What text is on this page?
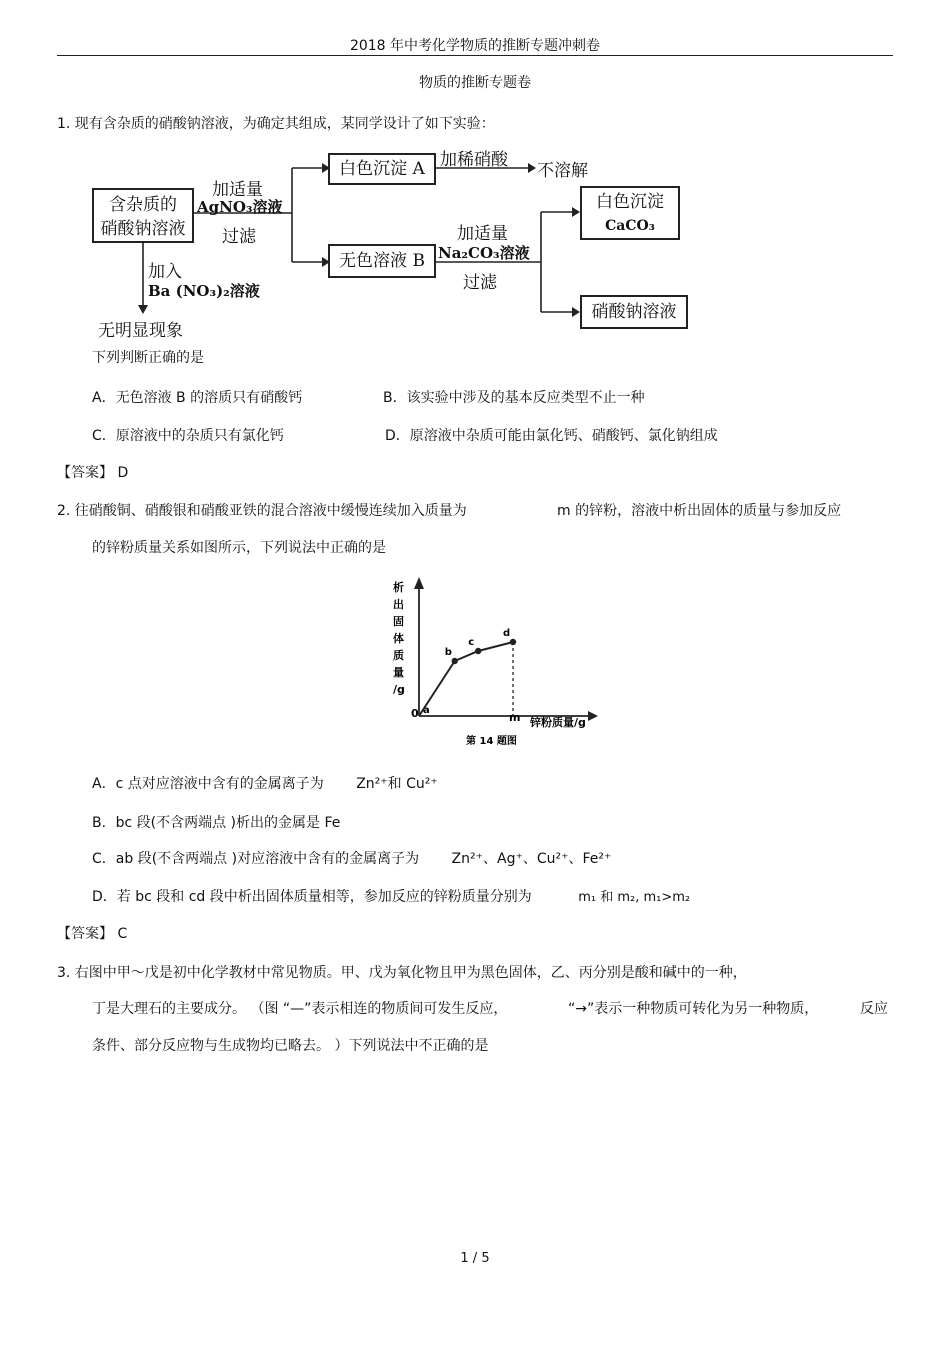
2018 年中考化学物质的推断专题冲刺卷
物质的推断专题卷
1. 现有含杂质的硝酸钠溶液，为确定其组成，某同学设计了如下实验：
含杂质的
硝酸钠溶液
加适量
AgNO₃溶液
过滤
白色沉淀 A 加稀硝酸
不溶解
无色溶液 B
加适量
Na₂CO₃溶液
过滤
白色沉淀
CaCO₃
硝酸钠溶液
加入
Ba (NO₃)₂溶液
无明显现象
下列判断正确的是
A．无色溶液 B 的溶质只有硝酸钙	B．该实验中涉及的基本反应类型不止一种
C．原溶液中的杂质只有氯化钙	D．原溶液中杂质可能由氯化钙、硝酸钙、氯化钠组成
【答案】 D
2. 往硝酸铜、硝酸银和硝酸亚铁的混合溶液中缓慢连续加入质量为	m 的锌粉，溶液中析出固体的质量与参加反应
的锌粉质量关系如图所示，下列说法中正确的是
a
b
c
d
析
出
固
体
质
量
/g
0	m 锌粉质量/g
第 14 题图
A．c 点对应溶液中含有的金属离子为 Zn²⁺和 Cu²⁺
B．bc 段(不含两端点 )析出的金属是 Fe
C．ab 段(不含两端点 )对应溶液中含有的金属离子为 Zn²⁺、Ag⁺、Cu²⁺、Fe²⁺
D．若 bc 段和 cd 段中析出固体质量相等，参加反应的锌粉质量分别为	m₁ 和 m₂, m₁>m₂
【答案】 C
3. 右图中甲～戊是初中化学教材中常见物质。甲、戊为氧化物且甲为黑色固体，乙、丙分别是酸和碱中的一种，
丁是大理石的主要成分。 （图 “—”表示相连的物质间可发生反应，	“→”表示一种物质可转化为另一种物质，	反应
条件、部分反应物与生成物均已略去。 ）下列说法中不正确的是
1 / 5
